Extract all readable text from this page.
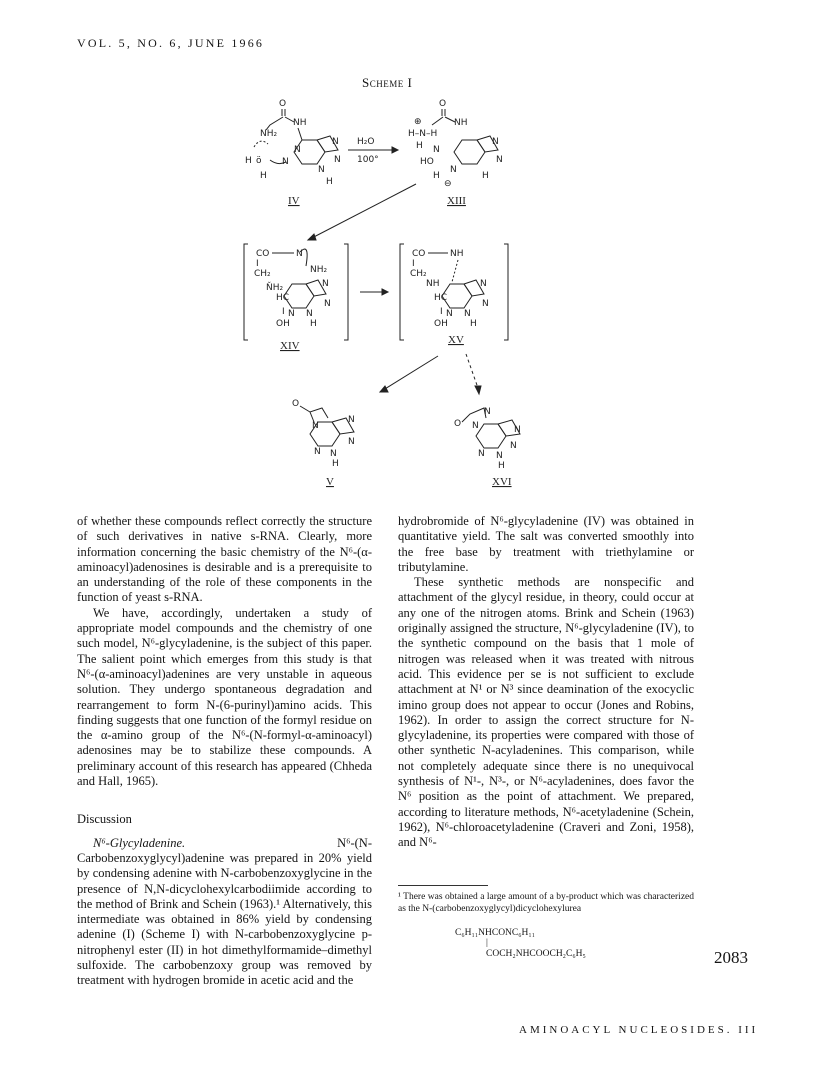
VOL. 5, NO. 6, JUNE 1966
Scheme I
O
NH
NH₂
N
N
N
N
H
N
H ö
H
IV
H₂O
100°
O
NH
⊕
H–N–H
H N
HO
N
N
N
H
⊖
H
XIII
CO	N
I
CH₂	NH₂
ŇH₂
HC
N
N
I N N
OH H
XIV
CO	NH
I
CH₂
NH
HC
N
N
I N N
OH H
XV
O
N
N
N
N N
H
V
O
N
N	N
N
N N
H
XVI

of whether these compounds reflect correctly the structure of such derivatives in native s-RNA. Clearly, more information concerning the basic chemistry of the N⁶-(α-aminoacyl)adenosines is desirable and is a prerequisite to an understanding of the role of these components in the function of yeast s-RNA.

We have, accordingly, undertaken a study of appropriate model compounds and the chemistry of one such model, N⁶-glycyladenine, is the subject of this paper. The salient point which emerges from this study is that N⁶-(α-aminoacyl)adenines are very unstable in aqueous solution. They undergo spontaneous degradation and rearrangement to form N-(6-purinyl)amino acids. This finding suggests that one function of the formyl residue on the α-amino group of the N⁶-(N-formyl-α-aminoacyl) adenosines may be to stabilize these compounds. A preliminary account of this research has appeared (Chheda and Hall, 1965).

Discussion

N⁶-Glycyladenine.	N⁶-(N-Carbobenzoxyglycyl)adenine was prepared in 20% yield by condensing adenine with N-carbobenzoxyglycine in the presence of N,N-dicyclohexylcarbodiimide according to the method of Brink and Schein (1963).¹ Alternatively, this intermediate was obtained in 86% yield by condensing adenine (I) (Scheme I) with N-carbobenzoxyglycine p-nitrophenyl ester (II) in hot dimethylformamide–dimethyl sulfoxide. The carbobenzoxy group was removed by treatment with hydrogen bromide in acetic acid and the

hydrobromide of N⁶-glycyladenine (IV) was obtained in quantitative yield. The salt was converted smoothly into the free base by treatment with triethylamine or tributylamine.

These synthetic methods are nonspecific and attachment of the glycyl residue, in theory, could occur at any one of the nitrogen atoms. Brink and Schein (1963) originally assigned the structure, N⁶-glycyladenine (IV), to the synthetic compound on the basis that 1 mole of nitrogen was released when it was treated with nitrous acid. This evidence per se is not sufficient to exclude attachment at N¹ or N³ since deamination of the exocyclic imino group does not appear to occur (Jones and Robins, 1962). In order to assign the correct structure for N-glycyladenine, its properties were compared with those of other synthetic N-acyladenines. This comparison, while not completely adequate since there is no unequivocal synthesis of N¹-, N³-, or N⁶-acyladenines, does favor the N⁶ position as the point of attachment. We prepared, according to literature methods, N⁶-acetyladenine (Schein, 1962), N⁶-chloroacetyladenine (Craveri and Zoni, 1958), and N⁶-

¹ There was obtained a large amount of a by-product which was characterized as the N-(carbobenzoxyglycyl)dicyclohexylurea
C₆H₁₁NHCONC₆H₁₁
|
COCH₂NHCOOCH₂C₆H₅	2083
AMINOACYL NUCLEOSIDES. III
